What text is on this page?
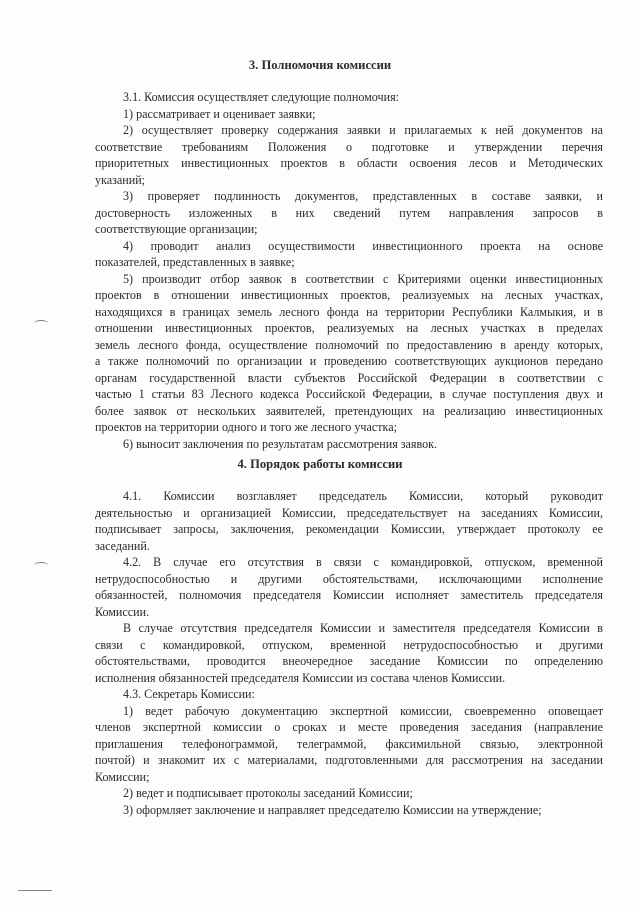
3. Полномочия комиссии
3.1. Комиссия осуществляет следующие полномочия:
1) рассматривает и оценивает заявки;
2) осуществляет проверку содержания заявки и прилагаемых к ней документов на
соответствие требованиям Положения о подготовке и утверждении перечня
приоритетных инвестиционных проектов в области освоения лесов и Методических
указаний;
3) проверяет подлинность документов, представленных в составе заявки, и
достоверность изложенных в них сведений путем направления запросов в
соответствующие организации;
4) проводит анализ осуществимости инвестиционного проекта на основе
показателей, представленных в заявке;
5) производит отбор заявок в соответствии с Критериями оценки инвестиционных
проектов в отношении инвестиционных проектов, реализуемых на лесных участках,
находящихся в границах земель лесного фонда на территории Республики Калмыкия, и в
отношении инвестиционных проектов, реализуемых на лесных участках в пределах
земель лесного фонда, осуществление полномочий по предоставлению в аренду которых,
а также полномочий по организации и проведению соответствующих аукционов передано
органам государственной власти субъектов Российской Федерации в соответствии с
частью 1 статьи 83 Лесного кодекса Российской Федерации, в случае поступления двух и
более заявок от нескольких заявителей, претендующих на реализацию инвестиционных
проектов на территории одного и того же лесного участка;
6) выносит заключения по результатам рассмотрения заявок.
4. Порядок работы комиссии
4.1. Комиссии возглавляет председатель Комиссии, который руководит
деятельностью и организацией Комиссии, председательствует на заседаниях Комиссии,
подписывает запросы, заключения, рекомендации Комиссии, утверждает протоколу ее
заседаний.
4.2. В случае его отсутствия в связи с командировкой, отпуском, временной
нетрудоспособностью и другими обстоятельствами, исключающими исполнение
обязанностей, полномочия председателя Комиссии исполняет заместитель председателя
Комиссии.
В случае отсутствия председателя Комиссии и заместителя председателя Комиссии в
связи с командировкой, отпуском, временной нетрудоспособностью и другими
обстоятельствами, проводится внеочередное заседание Комиссии по определению
исполнения обязанностей председателя Комиссии из состава членов Комиссии.
4.3. Секретарь Комиссии:
1) ведет рабочую документацию экспертной комиссии, своевременно оповещает
членов экспертной комиссии о сроках и месте проведения заседания (направление
приглашения телефонограммой, телеграммой, факсимильной связью, электронной
почтой) и знакомит их с материалами, подготовленными для рассмотрения на заседании
Комиссии;
2) ведет и подписывает протоколы заседаний Комиссии;
3) оформляет заключение и направляет председателю Комиссии на утверждение;
